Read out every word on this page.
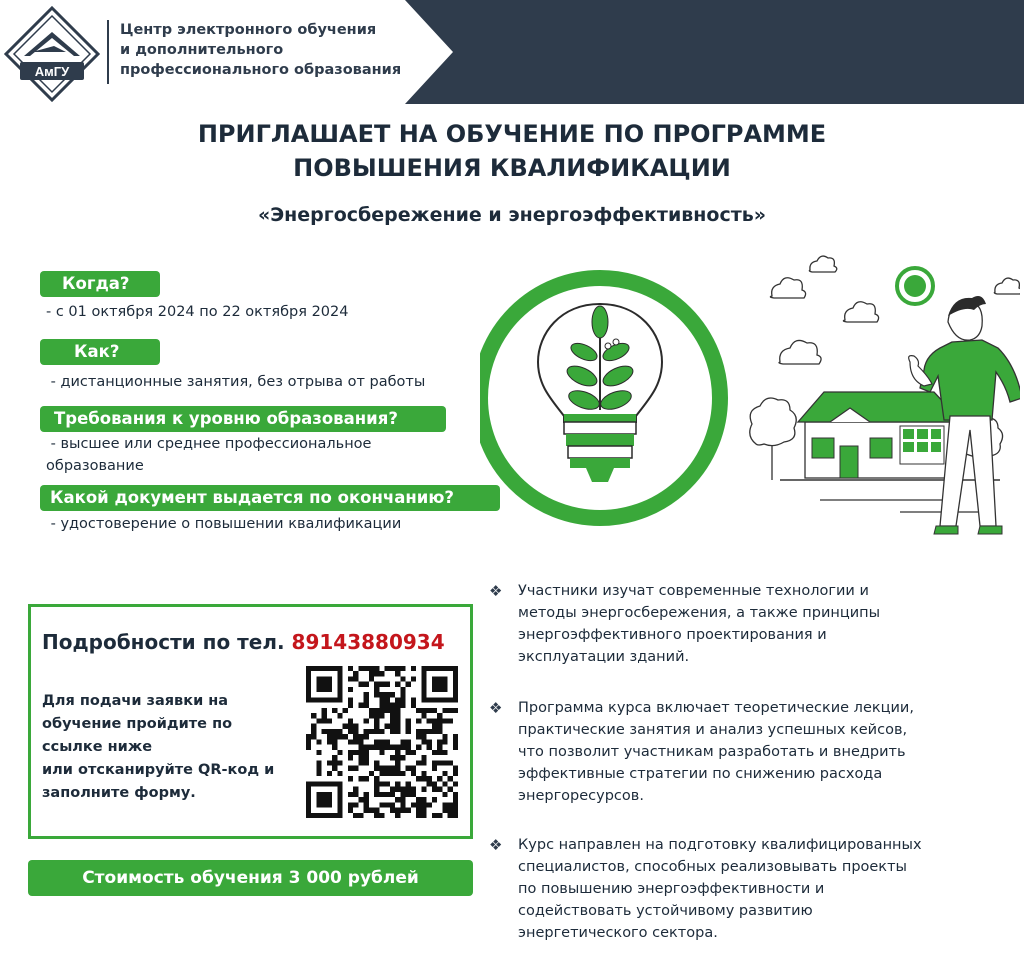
АмГУ
Центр электронного обучения
и дополнительного
профессионального образования
ПРИГЛАШАЕТ НА ОБУЧЕНИЕ ПО ПРОГРАММЕ
ПОВЫШЕНИЯ КВАЛИФИКАЦИИ
«Энергосбережение и энергоэффективность»
Когда?
- с 01 октября 2024 по 22 октября 2024
Как?
- дистанционные занятия, без отрыва от работы
Требования к уровню образования?
- высшее или среднее профессиональное
образование
Какой документ выдается по окончанию?
- удостоверение о повышении квалификации
Подробности по тел. 89143880934
Для подачи заявки на
обучение пройдите по
ссылке ниже
или отсканируйте QR-код и
заполните форму.
Стоимость обучения 3 000 рублей
❖ Участники изучат современные технологии и
методы энергосбережения, а также принципы
энергоэффективного проектирования и
эксплуатации зданий.
❖ Программа курса включает теоретические лекции,
практические занятия и анализ успешных кейсов,
что позволит участникам разработать и внедрить
эффективные стратегии по снижению расхода
энергоресурсов.
❖ Курс направлен на подготовку квалифицированных
специалистов, способных реализовывать проекты
по повышению энергоэффективности и
содействовать устойчивому развитию
энергетического сектора.
